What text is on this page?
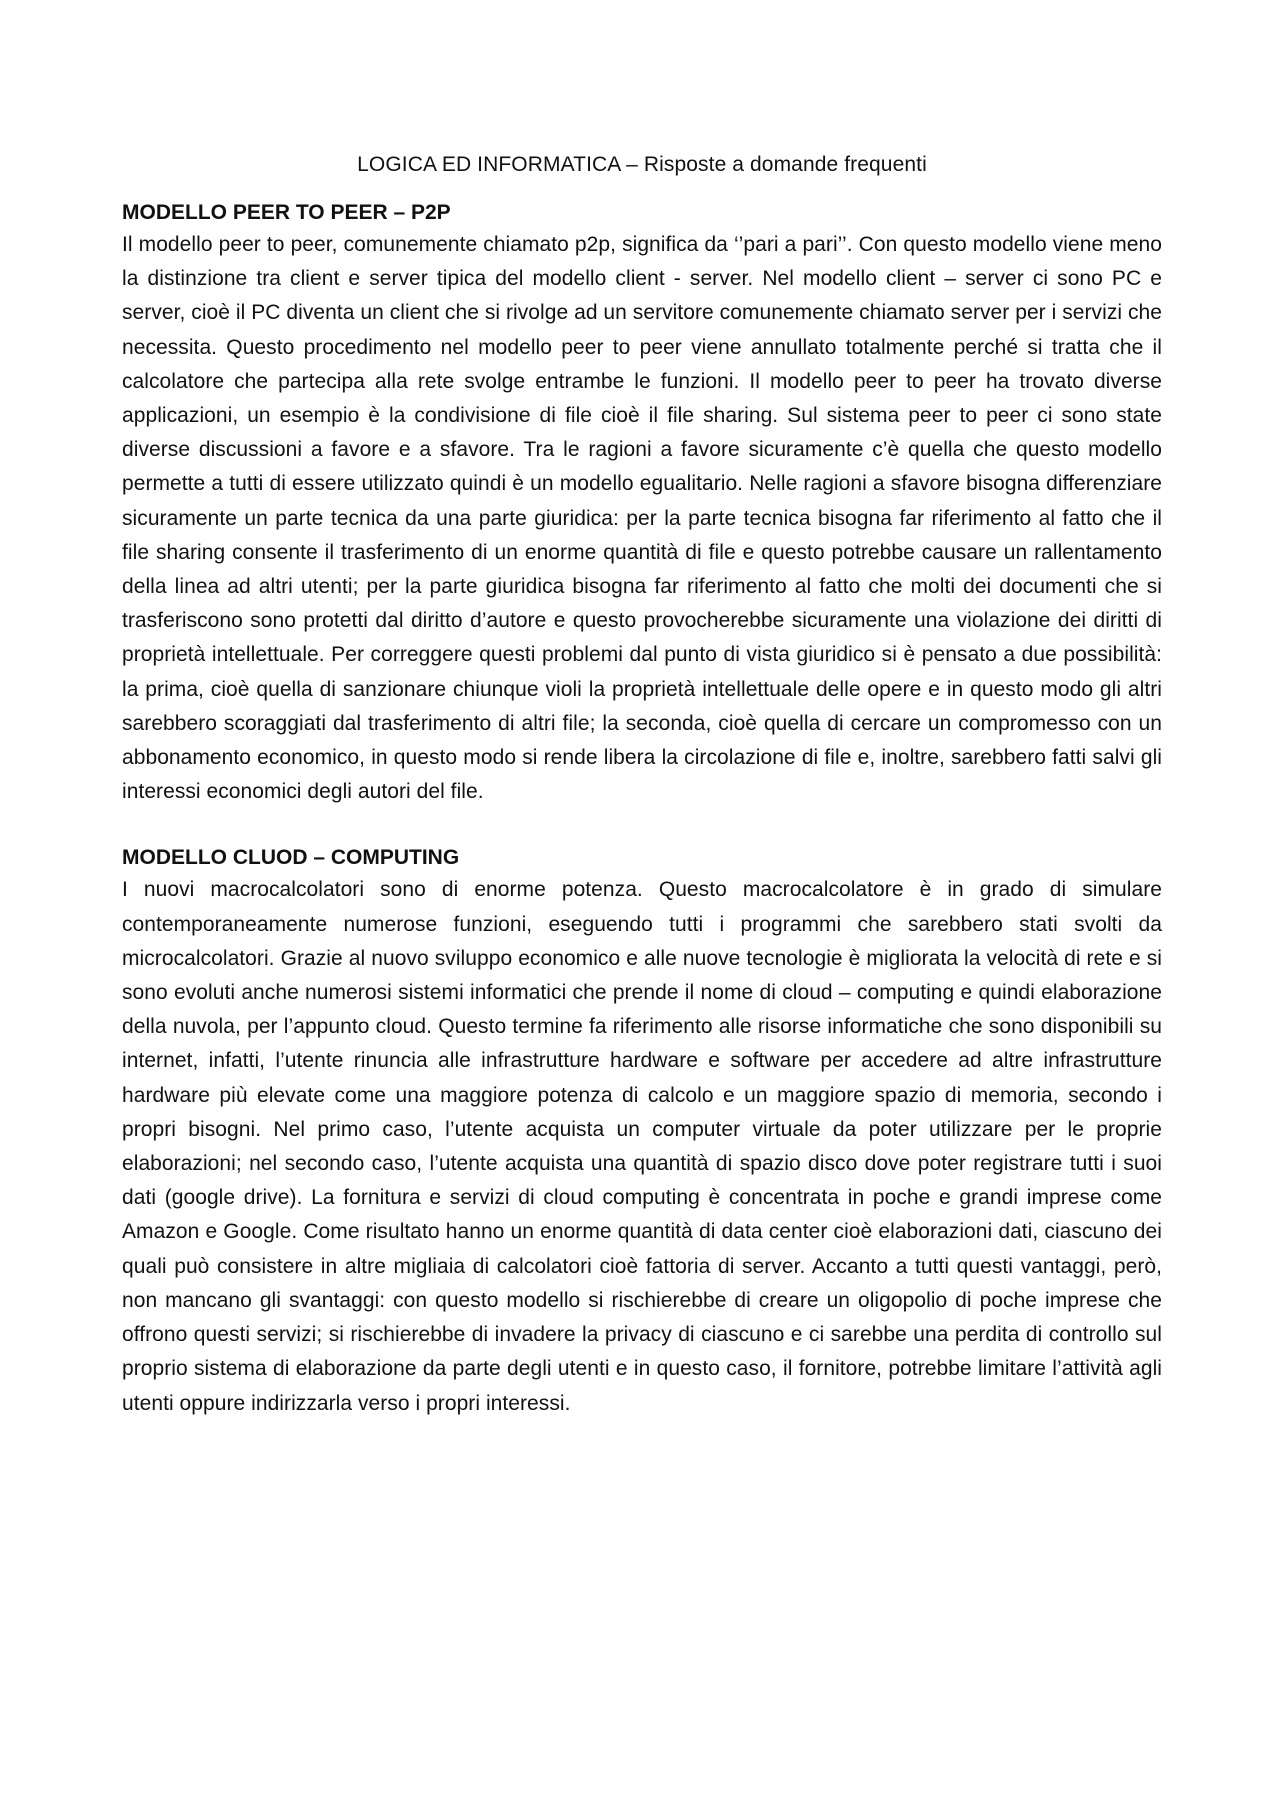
LOGICA ED INFORMATICA – Risposte a domande frequenti
MODELLO PEER TO PEER – P2P

Il modello peer to peer, comunemente chiamato p2p, significa da ‘’pari a pari’’. Con questo modello viene meno la distinzione tra client e server tipica del modello client - server. Nel modello client – server ci sono PC e server, cioè il PC diventa un client che si rivolge ad un servitore comunemente chiamato server per i servizi che necessita. Questo procedimento nel modello peer to peer viene annullato totalmente perché si tratta che il calcolatore che partecipa alla rete svolge entrambe le funzioni. Il modello peer to peer ha trovato diverse applicazioni, un esempio è la condivisione di file cioè il file sharing. Sul sistema peer to peer ci sono state diverse discussioni a favore e a sfavore. Tra le ragioni a favore sicuramente c’è quella che questo modello permette a tutti di essere utilizzato quindi è un modello egualitario. Nelle ragioni a sfavore bisogna differenziare sicuramente un parte tecnica da una parte giuridica: per la parte tecnica bisogna far riferimento al fatto che il file sharing consente il trasferimento di un enorme quantità di file e questo potrebbe causare un rallentamento della linea ad altri utenti; per la parte giuridica bisogna far riferimento al fatto che molti dei documenti che si trasferiscono sono protetti dal diritto d’autore e questo provocherebbe sicuramente una violazione dei diritti di proprietà intellettuale. Per correggere questi problemi dal punto di vista giuridico si è pensato a due possibilità: la prima, cioè quella di sanzionare chiunque violi la proprietà intellettuale delle opere e in questo modo gli altri sarebbero scoraggiati dal trasferimento di altri file; la seconda, cioè quella di cercare un compromesso con un abbonamento economico, in questo modo si rende libera la circolazione di file e, inoltre, sarebbero fatti salvi gli interessi economici degli autori del file.

MODELLO CLUOD – COMPUTING

I nuovi macrocalcolatori sono di enorme potenza. Questo macrocalcolatore è in grado di simulare contemporaneamente numerose funzioni, eseguendo tutti i programmi che sarebbero stati svolti da microcalcolatori. Grazie al nuovo sviluppo economico e alle nuove tecnologie è migliorata la velocità di rete e si sono evoluti anche numerosi sistemi informatici che prende il nome di cloud – computing e quindi elaborazione della nuvola, per l’appunto cloud. Questo termine fa riferimento alle risorse informatiche che sono disponibili su internet, infatti, l’utente rinuncia alle infrastrutture hardware e software per accedere ad altre infrastrutture hardware più elevate come una maggiore potenza di calcolo e un maggiore spazio di memoria, secondo i propri bisogni. Nel primo caso, l’utente acquista un computer virtuale da poter utilizzare per le proprie elaborazioni; nel secondo caso, l’utente acquista una quantità di spazio disco dove poter registrare tutti i suoi dati (google drive). La fornitura e servizi di cloud computing è concentrata in poche e grandi imprese come Amazon e Google. Come risultato hanno un enorme quantità di data center cioè elaborazioni dati, ciascuno dei quali può consistere in altre migliaia di calcolatori cioè fattoria di server. Accanto a tutti questi vantaggi, però, non mancano gli svantaggi: con questo modello si rischierebbe di creare un oligopolio di poche imprese che offrono questi servizi; si rischierebbe di invadere la privacy di ciascuno e ci sarebbe una perdita di controllo sul proprio sistema di elaborazione da parte degli utenti e in questo caso, il fornitore, potrebbe limitare l’attività agli utenti oppure indirizzarla verso i propri interessi.
